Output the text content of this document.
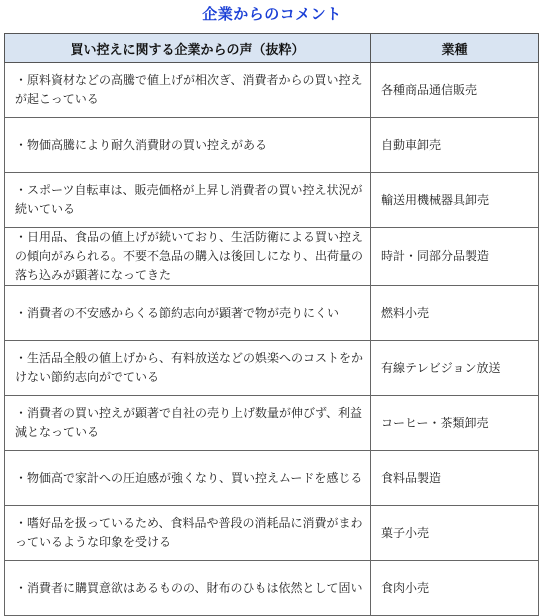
企業からのコメント
買い控えに関する企業からの声（抜粋）	業種
・原料資材などの高騰で値上げが相次ぎ、消費者からの買い控えが起こっている	各種商品通信販売
・物価高騰により耐久消費財の買い控えがある	自動車卸売
・スポーツ自転車は、販売価格が上昇し消費者の買い控え状況が続いている	輸送用機械器具卸売
・日用品、食品の値上げが続いており、生活防衛による買い控えの傾向がみられる。不要不急品の購入は後回しになり、出荷量の落ち込みが顕著になってきた	時計・同部分品製造
・消費者の不安感からくる節約志向が顕著で物が売りにくい	燃料小売
・生活品全般の値上げから、有料放送などの娯楽へのコストをかけない節約志向がでている	有線テレビジョン放送
・消費者の買い控えが顕著で自社の売り上げ数量が伸びず、利益減となっている	コーヒー・茶類卸売
・物価高で家計への圧迫感が強くなり、買い控えムードを感じる	食料品製造
・嗜好品を扱っているため、食料品や普段の消耗品に消費がまわっているような印象を受ける	菓子小売
・消費者に購買意欲はあるものの、財布のひもは依然として固い	食肉小売
